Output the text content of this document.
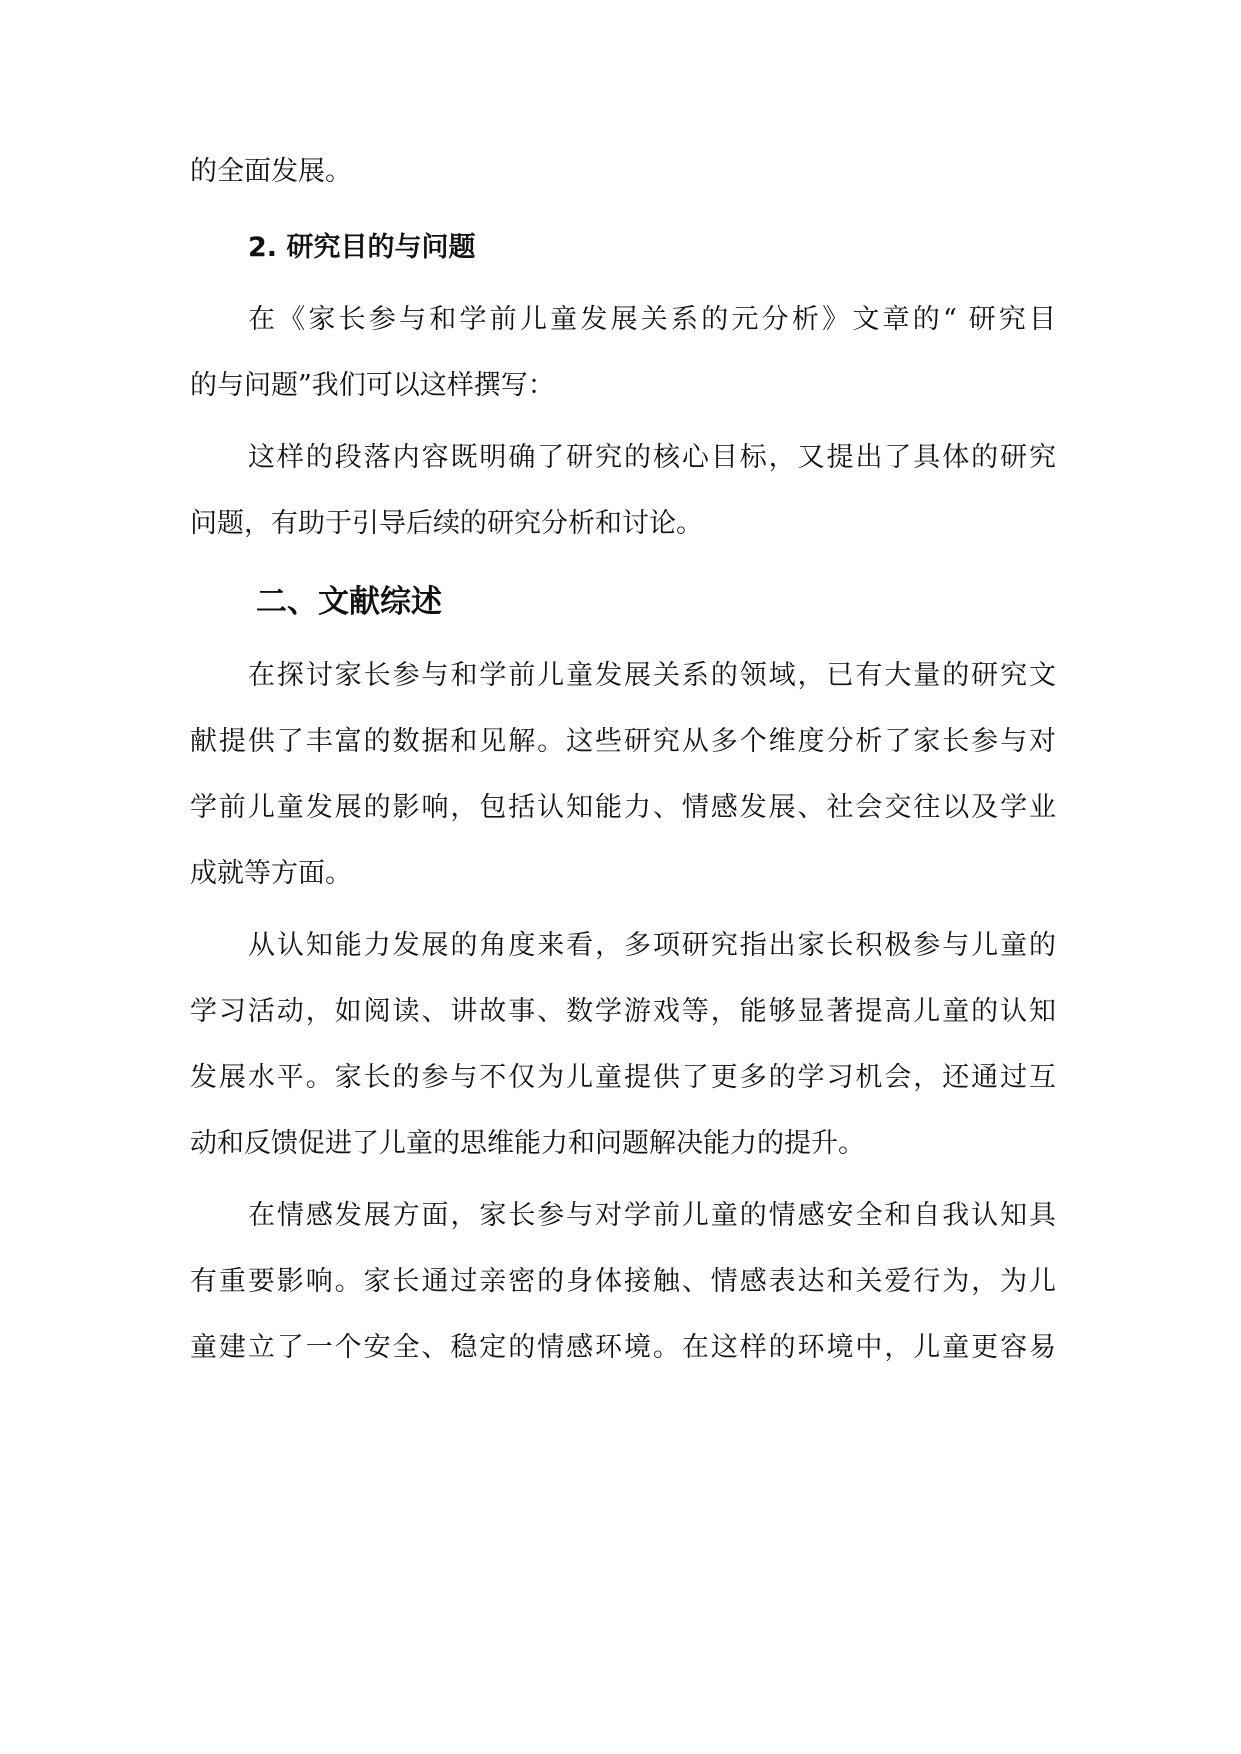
的全面发展。
2. 研究目的与问题
在《家长参与和学前儿童发展关系的元分析》文章的“ 研究目
的与问题”我们可以这样撰写：
这样的段落内容既明确了研究的核心目标，又提出了具体的研究
问题，有助于引导后续的研究分析和讨论。
二、文献综述
在探讨家长参与和学前儿童发展关系的领域，已有大量的研究文
献提供了丰富的数据和见解。这些研究从多个维度分析了家长参与对
学前儿童发展的影响，包括认知能力、情感发展、社会交往以及学业
成就等方面。
从认知能力发展的角度来看，多项研究指出家长积极参与儿童的
学习活动，如阅读、讲故事、数学游戏等，能够显著提高儿童的认知
发展水平。家长的参与不仅为儿童提供了更多的学习机会，还通过互
动和反馈促进了儿童的思维能力和问题解决能力的提升。
在情感发展方面，家长参与对学前儿童的情感安全和自我认知具
有重要影响。家长通过亲密的身体接触、情感表达和关爱行为，为儿
童建立了一个安全、稳定的情感环境。在这样的环境中，儿童更容易
